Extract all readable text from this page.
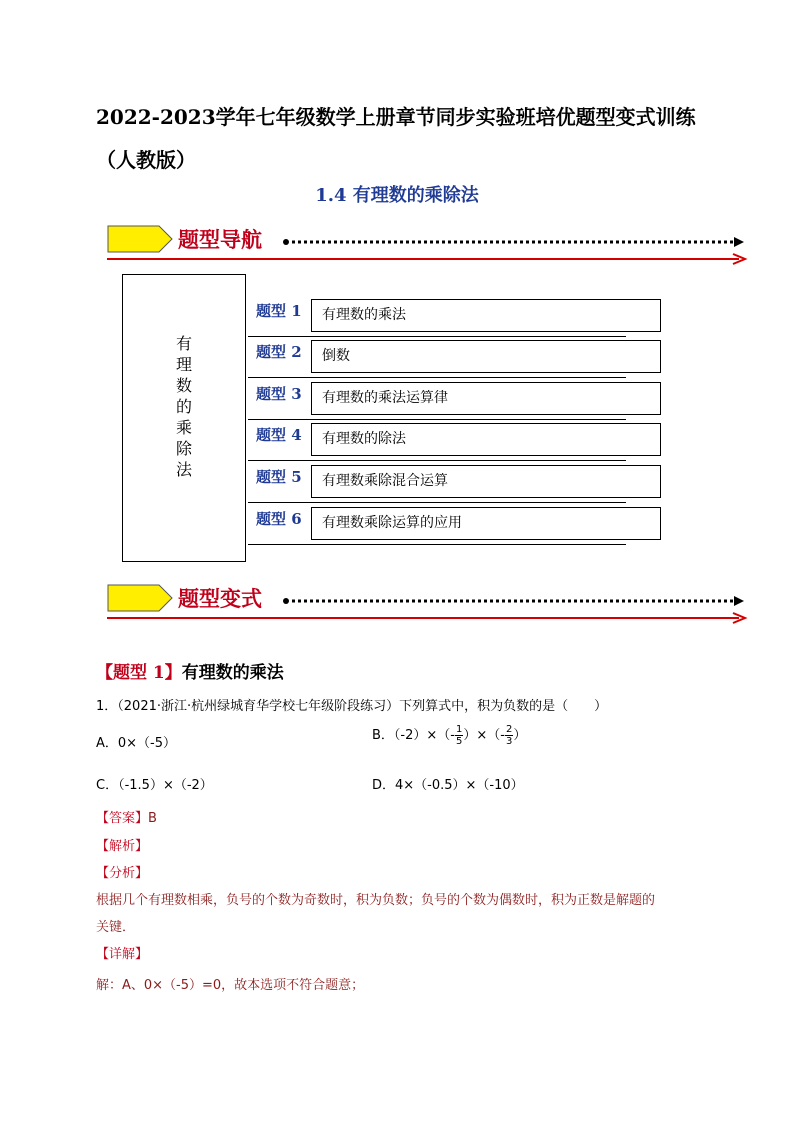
2022-2023学年七年级数学上册章节同步实验班培优题型变式训练（人教版）
1.4 有理数的乘除法
题型导航
有
理
数
的
乘
除
法
题型 1	有理数的乘法
题型 2	倒数
题型 3	有理数的乘法运算律
题型 4	有理数的除法
题型 5	有理数乘除混合运算
题型 6	有理数乘除运算的应用
题型变式
【题型 1】有理数的乘法
1．（2021·浙江·杭州绿城育华学校七年级阶段练习）下列算式中，积为负数的是（　　）
A．0×（-5）
B．$(-2)\times(- \frac{1}{5}$ ）×（- $\frac{2}{3}$ ）
C．（-1.5）×（-2）	D．4×（-0.5）×（-10）
【答案】B
【解析】
【分析】
根据几个有理数相乘，负号的个数为奇数时，积为负数；负号的个数为偶数时，积为正数是解题的
关键．
【详解】
解：A、0×（-5）=0，故本选项不符合题意；
